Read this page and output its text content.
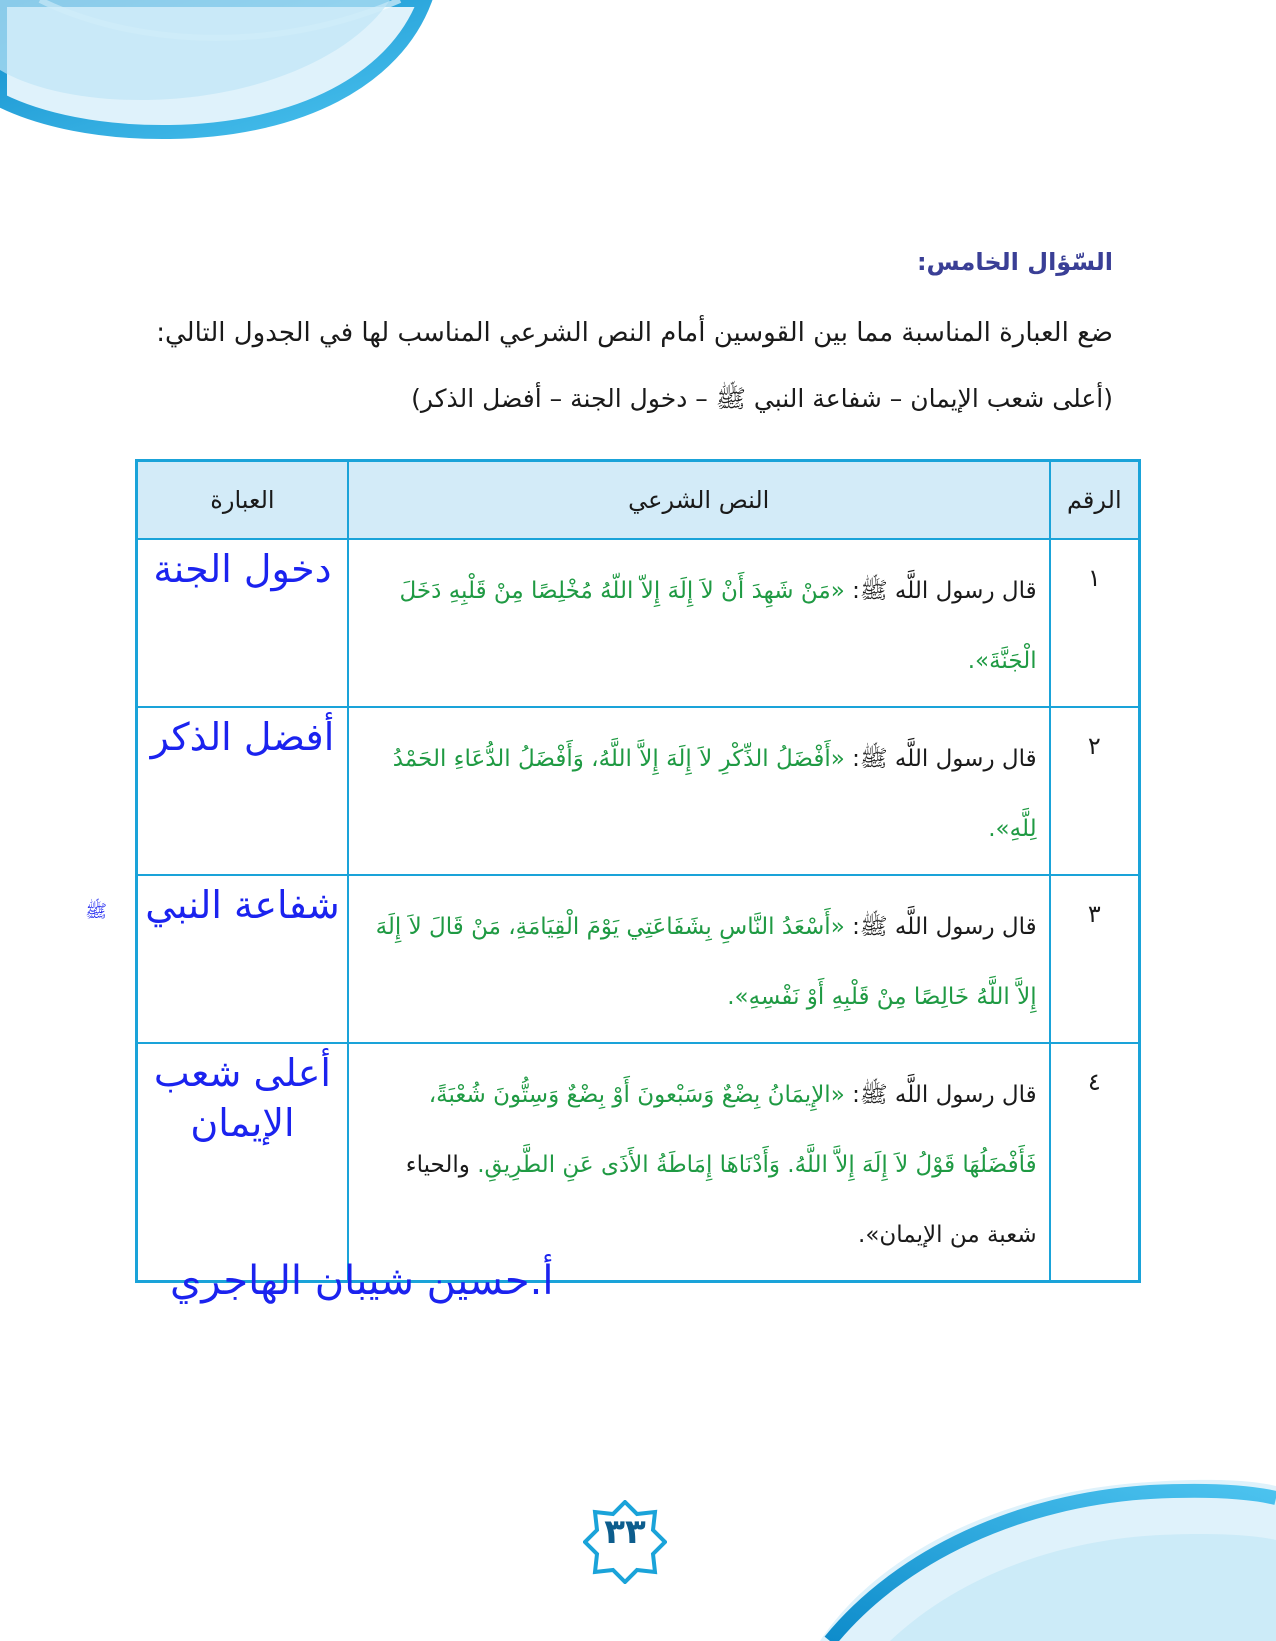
السّؤال الخامس:

ضع العبارة المناسبة مما بين القوسين أمام النص الشرعي المناسب لها في الجدول التالي:

(أعلى شعب الإيمان – شفاعة النبي ﷺ – دخول الجنة – أفضل الذكر)

الرقم	النص الشرعي	العبارة
١	قال رسول اللَّه ﷺ: «مَنْ شَهِدَ أَنْ لاَ إِلَهَ إِلاّ اللّهُ مُخْلِصًا مِنْ قَلْبِهِ دَخَلَ الْجَنَّةَ».	دخول الجنة
٢	قال رسول اللَّه ﷺ: «أَفْضَلُ الذِّكْرِ لاَ إِلَهَ إِلاَّ اللَّهُ، وَأَفْضَلُ الدُّعَاءِ الحَمْدُ لِلَّهِ».	أفضل الذكر
٣	قال رسول اللَّه ﷺ: «أَسْعَدُ النَّاسِ بِشَفَاعَتِي يَوْمَ الْقِيَامَةِ، مَنْ قَالَ لاَ إِلَهَ إِلاَّ اللَّهُ خَالِصًا مِنْ قَلْبِهِ أَوْ نَفْسِهِ».	شفاعة النبي
ﷺ

٤	قال رسول اللَّه ﷺ: «الإِيمَانُ بِضْعٌ وَسَبْعونَ أَوْ بِضْعٌ وَسِتُّونَ شُعْبَةً، فَأَفْضَلُهَا قَوْلُ لاَ إِلَهَ إِلاَّ اللَّهُ. وَأَدْنَاهَا إِمَاطَةُ الأَذَى عَنِ الطَّرِيقِ. والحياء شعبة من الإيمان».	أعلى شعب الإيمان
أ.حسين شيبان الهاجري
٣٣
